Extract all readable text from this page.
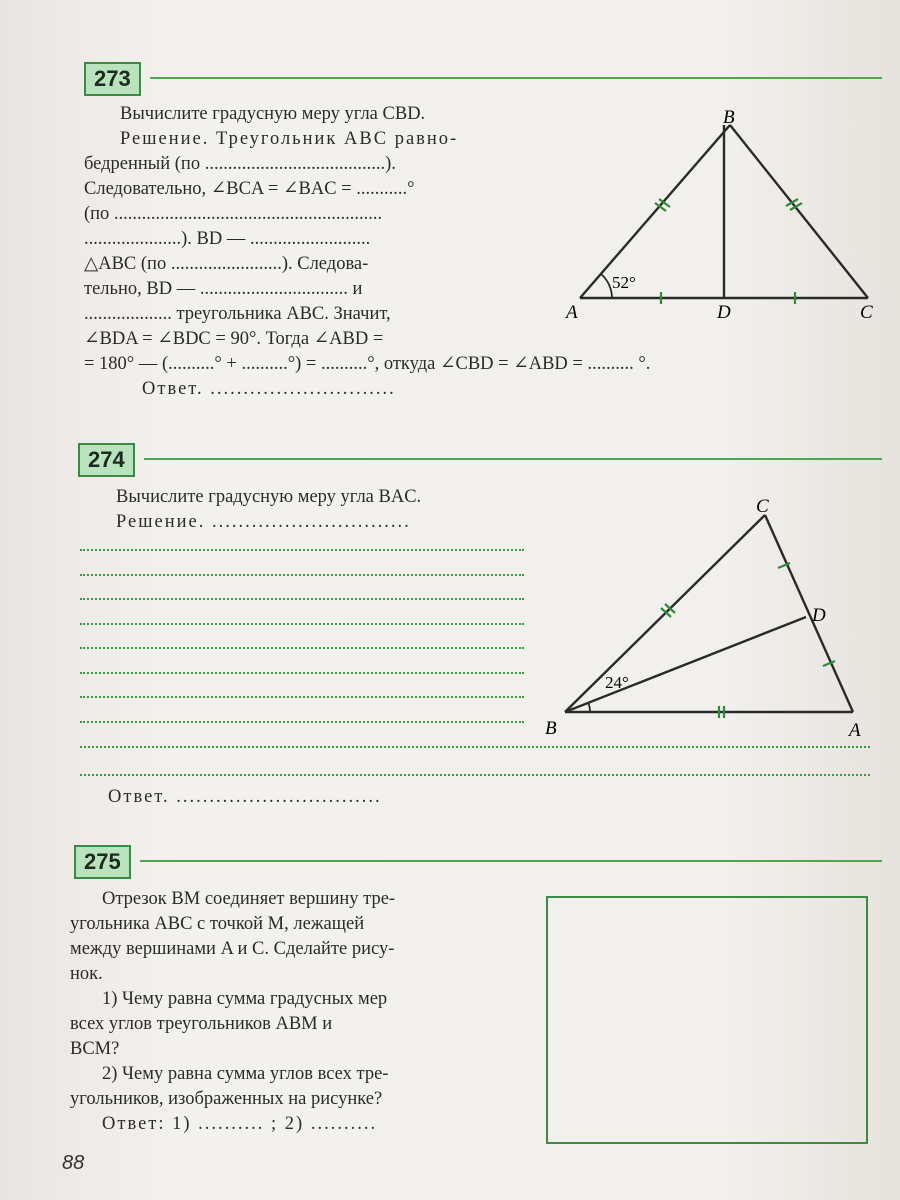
273
Вычислите градусную меру угла CBD.
Решение. Треугольник ABC равно-
бедренный (по .......................................).
Следовательно, ∠BCA = ∠BAC = ...........°
(по ..........................................................
.....................). BD — ..........................
△ABC (по ........................). Следова-
тельно, BD — ................................ и
................... треугольника ABC. Значит,
∠BDA = ∠BDC = 90°. Тогда ∠ABD =
= 180° — (..........° + ..........°) = ..........°, откуда ∠CBD = ∠ABD = .......... °.
Ответ. ............................
B
A	D	C
52°
274
Вычислите градусную меру угла BAC.
Решение. ..............................
Ответ. ...............................
C
D
B	A
24°
275
Отрезок BM соединяет вершину тре-
угольника ABC с точкой M, лежащей
между вершинами A и C. Сделайте рису-
нок.
1) Чему равна сумма градусных мер
всех углов треугольников ABM и
BCM?
2) Чему равна сумма углов всех тре-
угольников, изображенных на рисунке?
Ответ: 1) .......... ; 2) ..........
88
